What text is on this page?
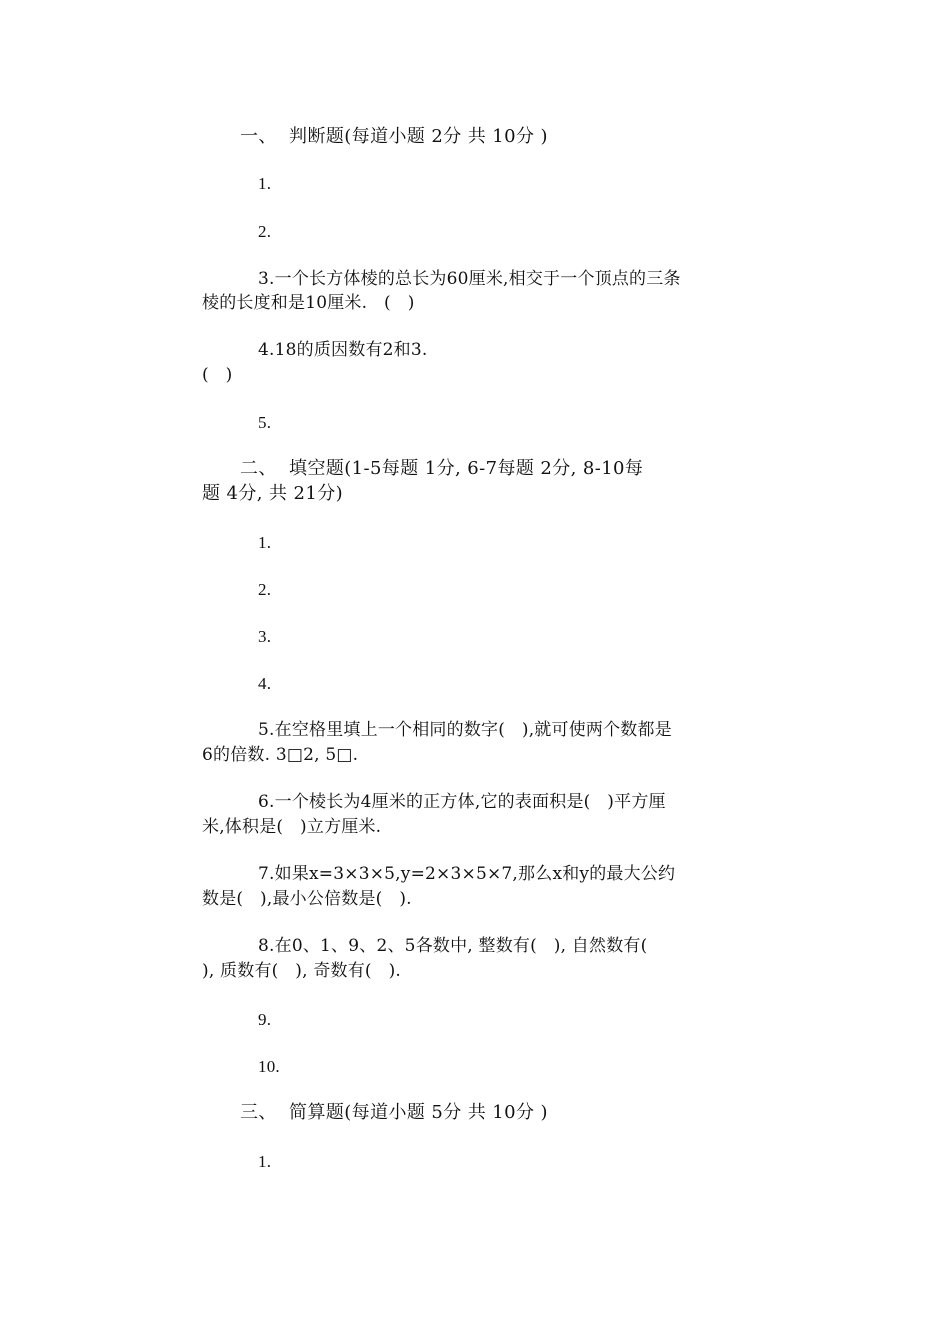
一、  判断题(每道小题 2分 共 10分 )
1.
2.
3.一个长方体棱的总长为60厘米,相交于一个顶点的三条
棱的长度和是10厘米.   (   )
4.18的质因数有2和3.
(   )
5.
二、  填空题(1-5每题 1分, 6-7每题 2分, 8-10每
题 4分, 共 21分)
1.
2.
3.
4.
5.在空格里填上一个相同的数字(   ),就可使两个数都是
6的倍数. 3□2, 5□.
6.一个棱长为4厘米的正方体,它的表面积是(   )平方厘
米,体积是(   )立方厘米.
7.如果x=3×3×5,y=2×3×5×7,那么x和y的最大公约
数是(   ),最小公倍数是(   ).
8.在0、1、9、2、5各数中, 整数有(   ), 自然数有(
), 质数有(   ), 奇数有(   ).
9.
10.
三、  简算题(每道小题 5分 共 10分 )
1.
